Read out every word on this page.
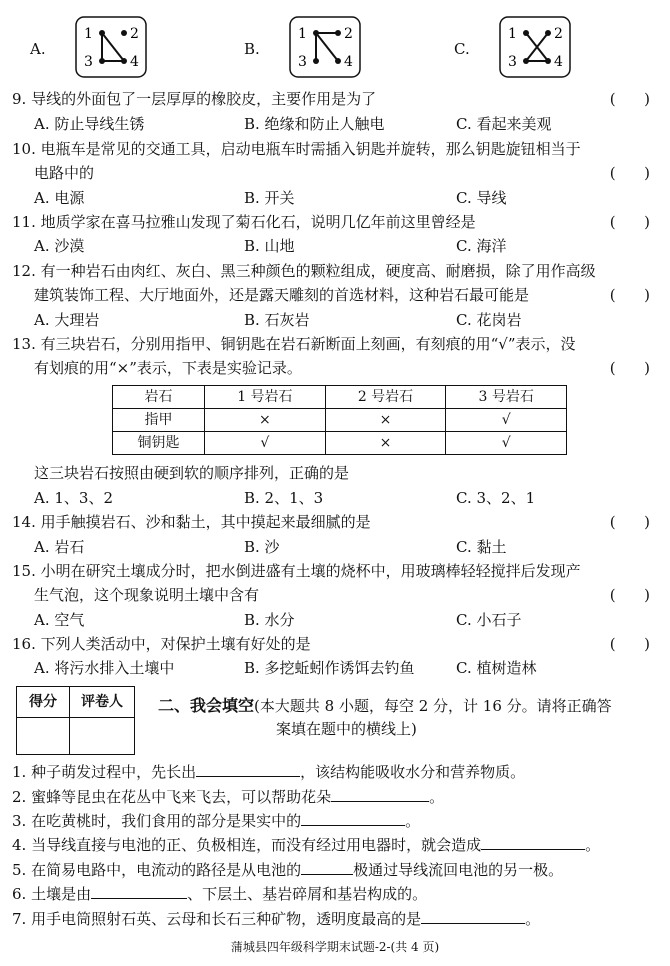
A.
1	2
3	4
B.
1	2
3	4
C.
1	2
3	4
9. 导线的外面包了一层厚厚的橡胶皮，主要作用是为了	(      )
A. 防止导线生锈	B. 绝缘和防止人触电	C. 看起来美观
10. 电瓶车是常见的交通工具，启动电瓶车时需插入钥匙并旋转，那么钥匙旋钮相当于
电路中的	(      )
A. 电源	B. 开关	C. 导线
11. 地质学家在喜马拉雅山发现了菊石化石，说明几亿年前这里曾经是	(      )
A. 沙漠	B. 山地	C. 海洋
12. 有一种岩石由肉红、灰白、黑三种颜色的颗粒组成，硬度高、耐磨损，除了用作高级
建筑装饰工程、大厅地面外，还是露天雕刻的首选材料，这种岩石最可能是	(      )
A. 大理岩	B. 石灰岩	C. 花岗岩
13. 有三块岩石，分别用指甲、铜钥匙在岩石新断面上刻画，有刻痕的用“√”表示，没
有划痕的用“×”表示，下表是实验记录。	(      )
岩石	1 号岩石	2 号岩石	3 号岩石
指甲	×	×	√
铜钥匙	√	×	√
这三块岩石按照由硬到软的顺序排列，正确的是
A. 1、3、2	B. 2、1、3	C. 3、2、1
14. 用手触摸岩石、沙和黏土，其中摸起来最细腻的是	(      )
A. 岩石	B. 沙	C. 黏土
15. 小明在研究土壤成分时，把水倒进盛有土壤的烧杯中，用玻璃棒轻轻搅拌后发现产
生气泡，这个现象说明土壤中含有	(      )
A. 空气	B. 水分	C. 小石子
16. 下列人类活动中，对保护土壤有好处的是	(      )
A. 将污水排入土壤中	B. 多挖蚯蚓作诱饵去钓鱼	C. 植树造林
得分	评卷人
	二、我会填空(本大题共 8 小题，每空 2 分，计 16 分。请将正确答
案填在题中的横线上)
1. 种子萌发过程中，先长出	，该结构能吸收水分和营养物质。
2. 蜜蜂等昆虫在花丛中飞来飞去，可以帮助花朵	。
3. 在吃黄桃时，我们食用的部分是果实中的	。
4. 当导线直接与电池的正、负极相连，而没有经过用电器时，就会造成	。
5. 在简易电路中，电流动的路径是从电池的	极通过导线流回电池的另一极。
6. 土壤是由	、下层土、基岩碎屑和基岩构成的。
7. 用手电筒照射石英、云母和长石三种矿物，透明度最高的是	。
蒲城县四年级科学期末试题-2-(共 4 页)
